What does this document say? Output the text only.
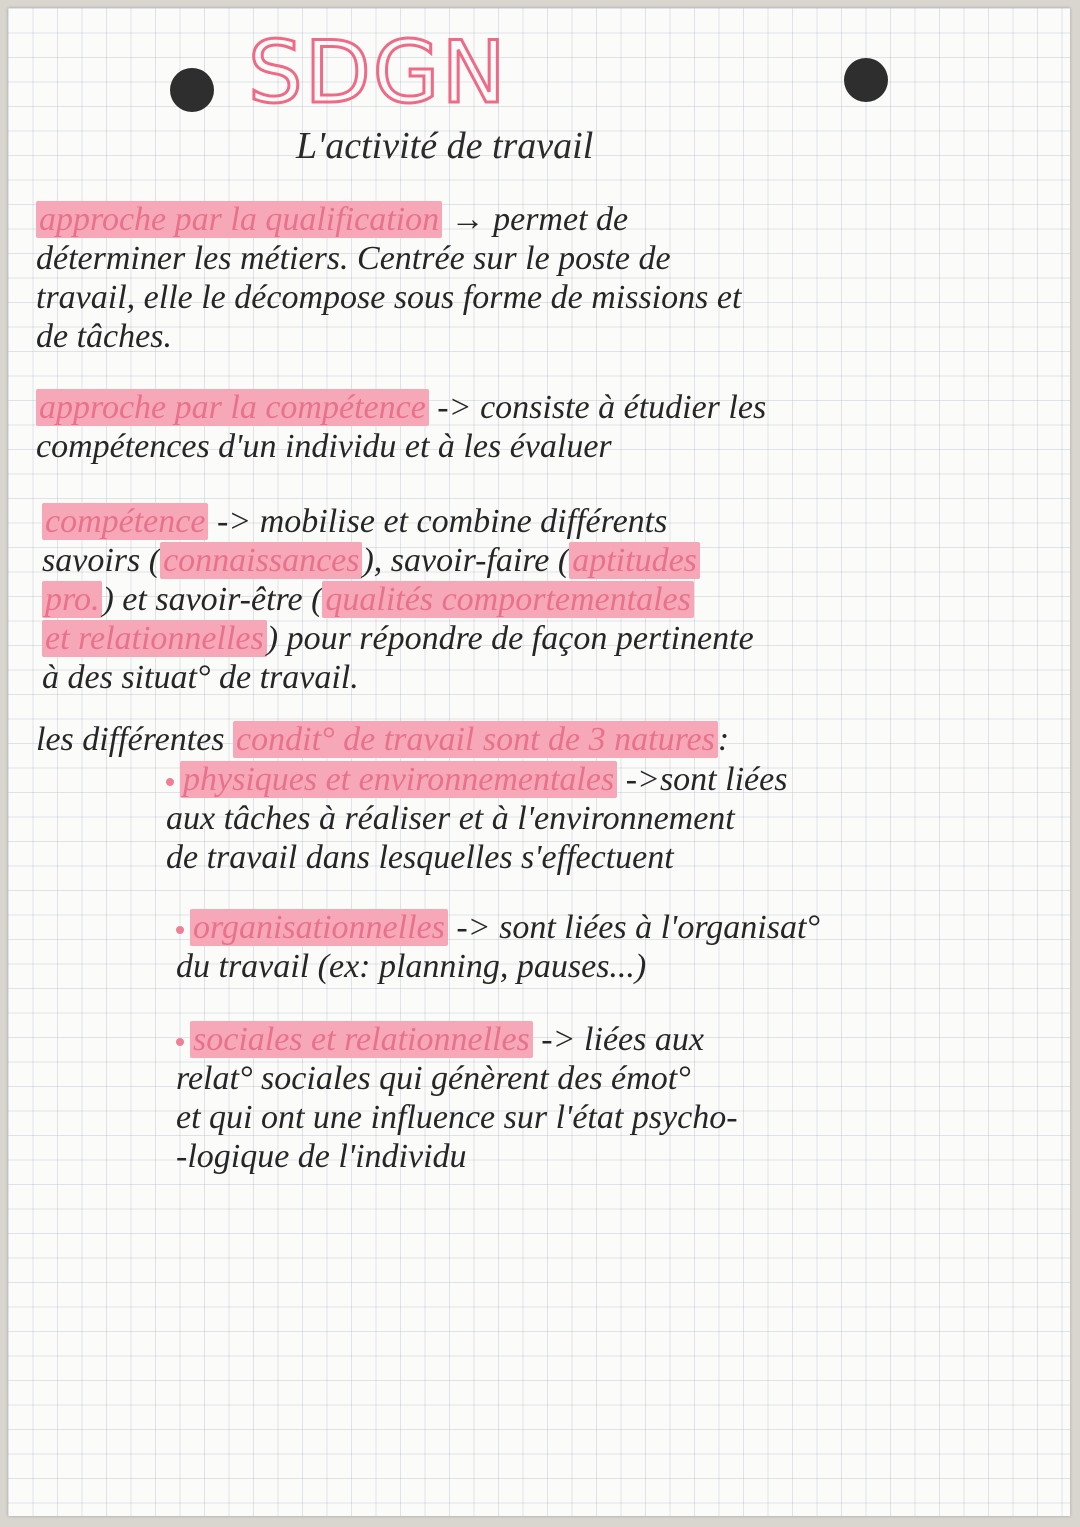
SDGN
L'activité de travail
approche par la qualification → permet de
déterminer les métiers. Centrée sur le poste de
travail, elle le décompose sous forme de missions et
de tâches.
approche par la compétence -> consiste à étudier les
compétences d'un individu et à les évaluer
compétence -> mobilise et combine différents
savoirs (connaissances), savoir-faire (aptitudes
pro.) et savoir-être (qualités comportementales
et relationnelles) pour répondre de façon pertinente
à des situat° de travail.
les différentes condit° de travail sont de 3 natures:
physiques et environnementales ->sont liées
aux tâches à réaliser et à l'environnement
de travail dans lesquelles s'effectuent
organisationnelles -> sont liées à l'organisat°
du travail (ex: planning, pauses...)
sociales et relationnelles -> liées aux
relat° sociales qui génèrent des émot°
et qui ont une influence sur l'état psycho-
-logique de l'individu
